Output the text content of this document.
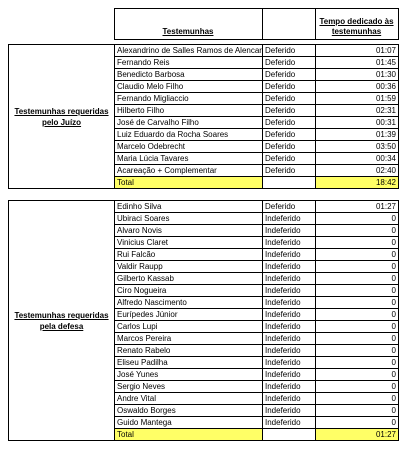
	Testemunhas		Tempo dedicado às testemunhas
Testemunhas requeridas pelo Juízo	Alexandrino de Salles Ramos de Alencar	Deferido	01:07
	Fernando Reis	Deferido	01:45
	Benedicto Barbosa	Deferido	01:30
	Claudio Melo Filho	Deferido	00:36
	Fernando Migliaccio	Deferido	01:59
	Hilberto Filho	Deferido	02:31
	José de Carvalho Filho	Deferido	00:31
	Luiz Eduardo da Rocha Soares	Deferido	01:39
	Marcelo Odebrecht	Deferido	03:50
	Maria Lúcia Tavares	Deferido	00:34
	Acareação + Complementar	Deferido	02:40
	Total		18:42
Testemunhas requeridas pela defesa	Edinho Silva	Deferido	01:27
	Ubiraci Soares	Indeferido	0
	Alvaro Novis	Indeferido	0
	Vinicius Claret	Indeferido	0
	Rui Falcão	Indeferido	0
	Valdir Raupp	Indeferido	0
	Gilberto Kassab	Indeferido	0
	Ciro Nogueira	Indeferido	0
	Alfredo Nascimento	Indeferido	0
	Eurípedes Júnior	Indeferido	0
	Carlos Lupi	Indeferido	0
	Marcos Pereira	Indeferido	0
	Renato Rabelo	Indeferido	0
	Eliseu Padilha	Indeferido	0
	José Yunes	Indeferido	0
	Sergio Neves	Indeferido	0
	Andre Vital	Indeferido	0
	Oswaldo Borges	Indeferido	0
	Guido Mantega	Indeferido	0
	Total		01:27
